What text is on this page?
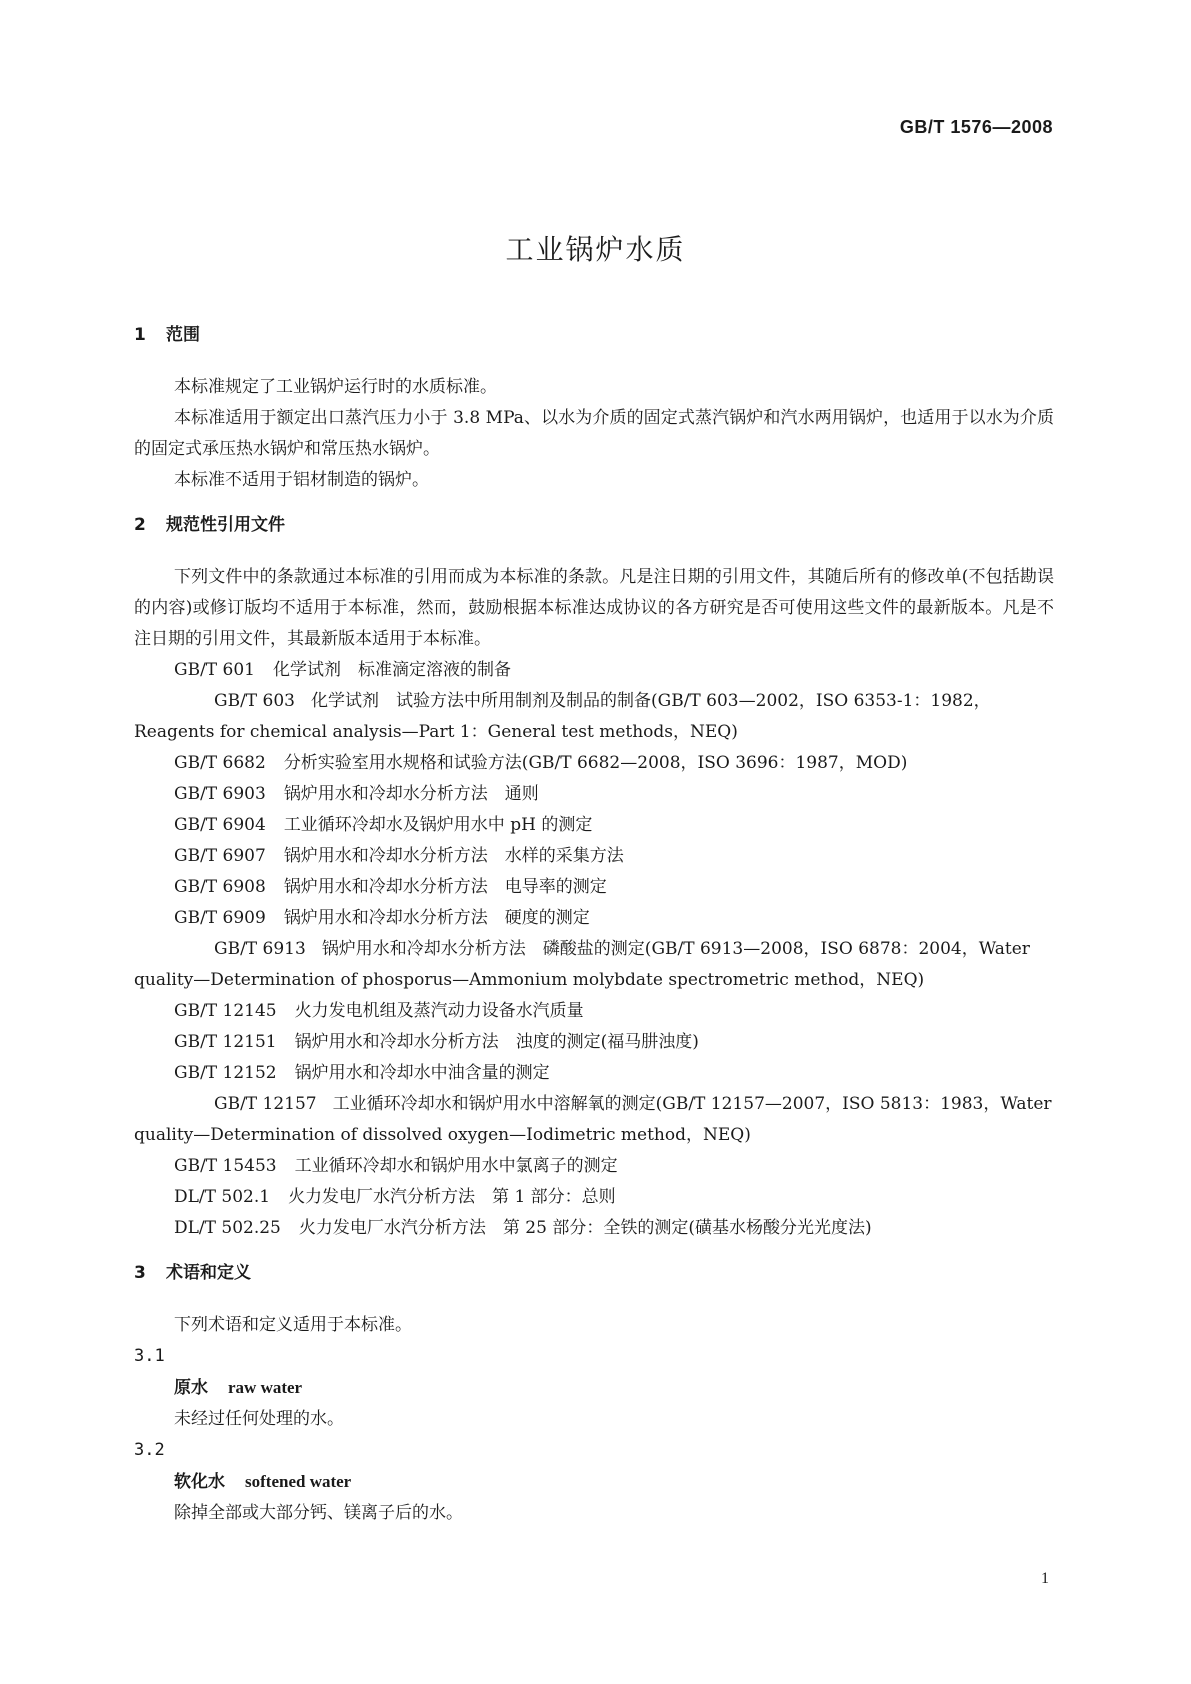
GB/T 1576—2008
工业锅炉水质
1 范围

本标准规定了工业锅炉运行时的水质标准。

本标准适用于额定出口蒸汽压力小于 3.8 MPa、以水为介质的固定式蒸汽锅炉和汽水两用锅炉，也适用于以水为介质的固定式承压热水锅炉和常压热水锅炉。

本标准不适用于铝材制造的锅炉。

2 规范性引用文件

下列文件中的条款通过本标准的引用而成为本标准的条款。凡是注日期的引用文件，其随后所有的修改单(不包括勘误的内容)或修订版均不适用于本标准，然而，鼓励根据本标准达成协议的各方研究是否可使用这些文件的最新版本。凡是不注日期的引用文件，其最新版本适用于本标准。

GB/T 601 化学试剂　标准滴定溶液的制备

GB/T 603 化学试剂　试验方法中所用制剂及制品的制备(GB/T 603—2002，ISO 6353-1：1982，Reagents for chemical analysis—Part 1：General test methods，NEQ)

GB/T 6682 分析实验室用水规格和试验方法(GB/T 6682—2008，ISO 3696：1987，MOD)

GB/T 6903 锅炉用水和冷却水分析方法　通则

GB/T 6904 工业循环冷却水及锅炉用水中 pH 的测定

GB/T 6907 锅炉用水和冷却水分析方法　水样的采集方法

GB/T 6908 锅炉用水和冷却水分析方法　电导率的测定

GB/T 6909 锅炉用水和冷却水分析方法　硬度的测定

GB/T 6913 锅炉用水和冷却水分析方法　磷酸盐的测定(GB/T 6913—2008，ISO 6878：2004，Water quality—Determination of phosporus—Ammonium molybdate spectrometric method，NEQ)

GB/T 12145 火力发电机组及蒸汽动力设备水汽质量

GB/T 12151 锅炉用水和冷却水分析方法　浊度的测定(福马肼浊度)

GB/T 12152 锅炉用水和冷却水中油含量的测定

GB/T 12157 工业循环冷却水和锅炉用水中溶解氧的测定(GB/T 12157—2007，ISO 5813：1983，Water quality—Determination of dissolved oxygen—Iodimetric method，NEQ)

GB/T 15453 工业循环冷却水和锅炉用水中氯离子的测定

DL/T 502.1 火力发电厂水汽分析方法　第 1 部分：总则

DL/T 502.25 火力发电厂水汽分析方法　第 25 部分：全铁的测定(磺基水杨酸分光光度法)

3 术语和定义

下列术语和定义适用于本标准。

3.1

原水 raw water

未经过任何处理的水。

3.2

软化水 softened water

除掉全部或大部分钙、镁离子后的水。

1
